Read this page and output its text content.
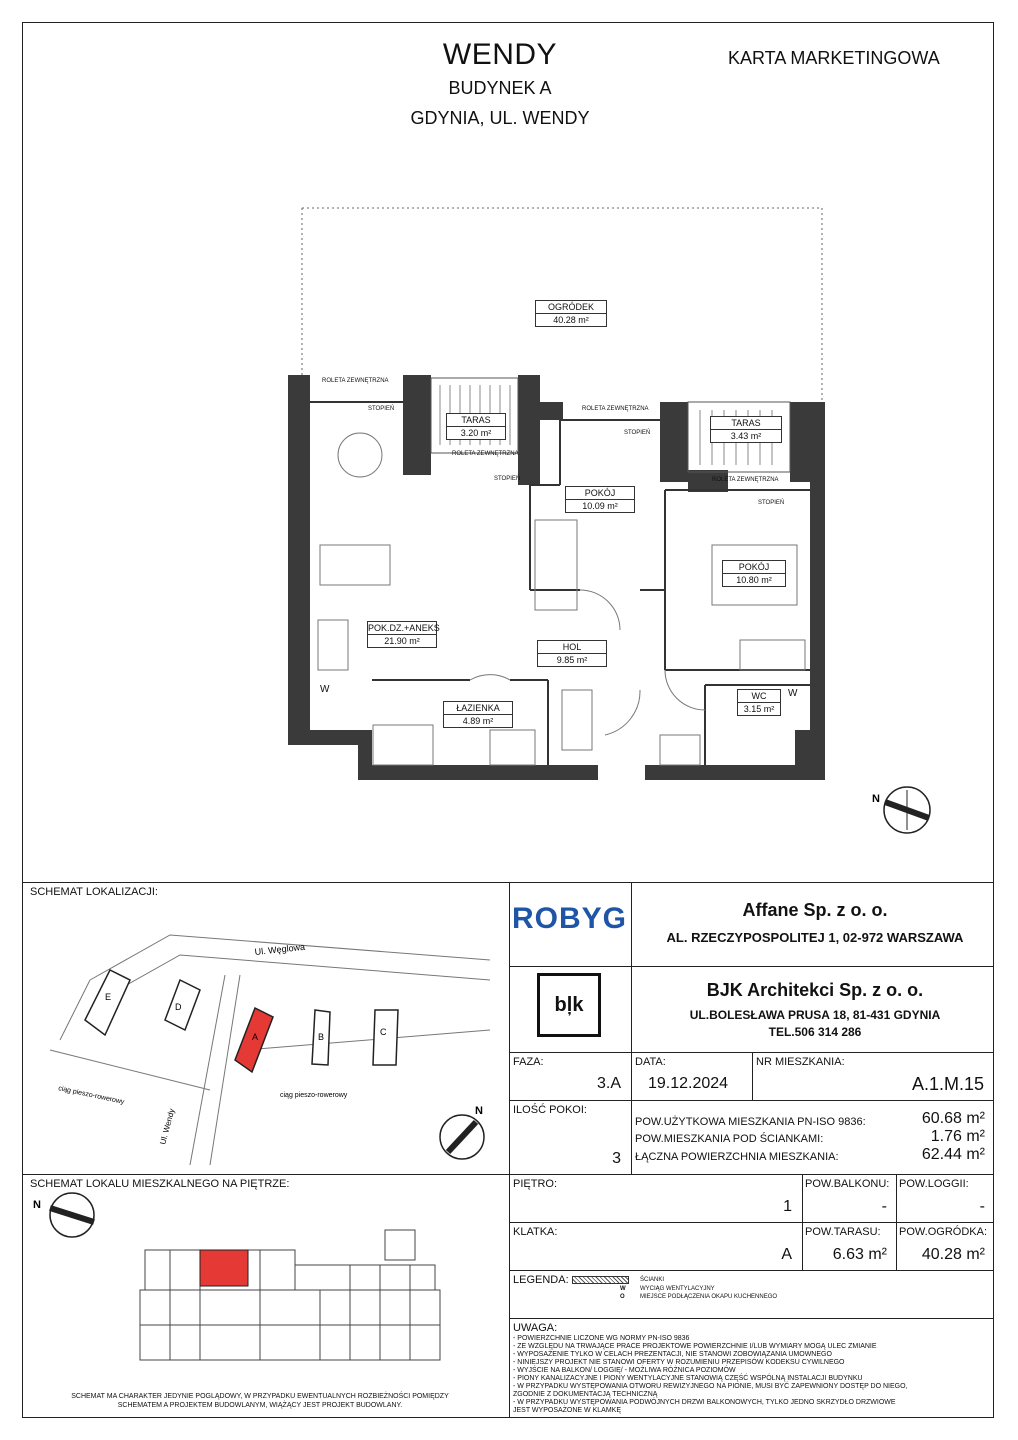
WENDY
BUDYNEK A
GDYNIA, UL. WENDY
KARTA MARKETINGOWA
N
OGRÓDEK
40.28 m²
TARAS
3.20 m²
TARAS
3.43 m²
POKÓJ
10.09 m²
POKÓJ
10.80 m²
POK.DZ.+ANEKS
21.90 m²
HOL
9.85 m²
ŁAZIENKA
4.89 m²
WC
3.15 m²
ROLETA ZEWNĘTRZNA
ROLETA ZEWNĘTRZNA
ROLETA ZEWNĘTRZNA
ROLETA ZEWNĘTRZNA
STOPIEŃ
STOPIEŃ
STOPIEŃ
STOPIEŃ
W	W
SCHEMAT LOKALIZACJI:
E
D
A	B	C
Ul. Węglowa
Ul. Wendy
ciąg pieszo-rowerowy	ciąg pieszo-rowerowy
N
SCHEMAT LOKALU MIESZKALNEGO NA PIĘTRZE:
N
SCHEMAT MA CHARAKTER JEDYNIE POGLĄDOWY, W PRZYPADKU EWENTUALNYCH ROZBIEŻNOŚCI POMIĘDZY
SCHEMATEM A PROJEKTEM BUDOWLANYM, WIĄŻĄCY JEST PROJEKT BUDOWLANY.
ROBYG	Affane Sp. z o. o.
AL. RZECZYPOSPOLITEJ 1, 02-972 WARSZAWA
bļk
BJK Architekci Sp. z o. o.
UL.BOLESŁAWA PRUSA 18, 81-431 GDYNIA
TEL.506 314 286
FAZA:
3.A
DATA:
19.12.2024
NR MIESZKANIA:
A.1.M.15
ILOŚĆ POKOI:
3
POW.UŻYTKOWA MIESZKANIA PN-ISO 9836:	60.68 m²
POW.MIESZKANIA POD ŚCIANKAMI:	1.76 m²
ŁĄCZNA POWIERZCHNIA MIESZKANIA:	62.44 m²
PIĘTRO:
1
POW.BALKONU:
-
POW.LOGGII:
-
KLATKA:
A
POW.TARASU:
6.63 m²
POW.OGRÓDKA:
40.28 m²
LEGENDA:	ŚCIANKI
W WYCIĄG WENTYLACYJNY
O	MIEJSCE PODŁĄCZENIA OKAPU KUCHENNEGO
UWAGA:
- POWIERZCHNIE LICZONE WG NORMY PN-ISO 9836
- ZE WZGLĘDU NA TRWAJĄCE PRACE PROJEKTOWE POWIERZCHNIE I/LUB WYMIARY MOGĄ ULEC ZMIANIE
- WYPOSAŻENIE TYLKO W CELACH PREZENTACJI, NIE STANOWI ZOBOWIĄZANIA UMOWNEGO
- NINIEJSZY PROJEKT NIE STANOWI OFERTY W ROZUMIENIU PRZEPISÓW KODEKSU CYWILNEGO
- WYJŚCIE NA BALKON/ LOGGIĘ/ - MOŻLIWA RÓŻNICA POZIOMÓW
- PIONY KANALIZACYJNE I PIONY WENTYLACYJNE STANOWIĄ CZĘŚĆ WSPÓLNĄ INSTALACJI BUDYNKU
- W PRZYPADKU WYSTĘPOWANIA OTWORU REWIZYJNEGO NA PIONIE, MUSI BYĆ ZAPEWNIONY DOSTĘP DO NIEGO,
ZGODNIE Z DOKUMENTACJĄ TECHNICZNĄ
- W PRZYPADKU WYSTĘPOWANIA PODWÓJNYCH DRZWI BALKONOWYCH, TYLKO JEDNO SKRZYDŁO DRZWIOWE
JEST WYPOSAŻONE W KLAMKĘ
